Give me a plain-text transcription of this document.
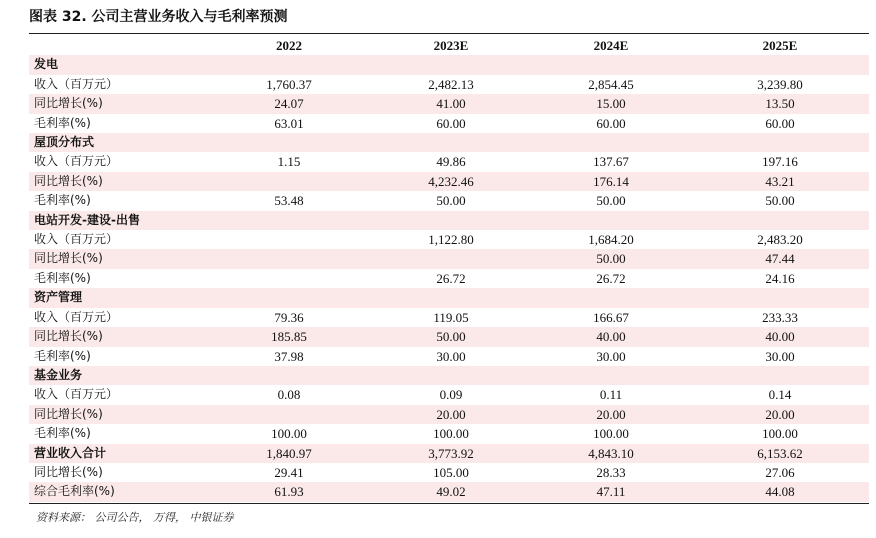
图表 32. 公司主营业务收入与毛利率预测
	2022	2023E	2024E	2025E
发电				
收入（百万元）	1,760.37	2,482.13	2,854.45	3,239.80
同比增长(%)	24.07	41.00	15.00	13.50
毛利率(%)	63.01	60.00	60.00	60.00
屋顶分布式				
收入（百万元）	1.15	49.86	137.67	197.16
同比增长(%)		4,232.46	176.14	43.21
毛利率(%)	53.48	50.00	50.00	50.00
电站开发-建设-出售				
收入（百万元）		1,122.80	1,684.20	2,483.20
同比增长(%)			50.00	47.44
毛利率(%)		26.72	26.72	24.16
资产管理				
收入（百万元）	79.36	119.05	166.67	233.33
同比增长(%)	185.85	50.00	40.00	40.00
毛利率(%)	37.98	30.00	30.00	30.00
基金业务				
收入（百万元）	0.08	0.09	0.11	0.14
同比增长(%)		20.00	20.00	20.00
毛利率(%)	100.00	100.00	100.00	100.00
营业收入合计	1,840.97	3,773.92	4,843.10	6,153.62
同比增长(%)	29.41	105.00	28.33	27.06
综合毛利率(%)	61.93	49.02	47.11	44.08
资料来源： 公司公告， 万得， 中银证券
